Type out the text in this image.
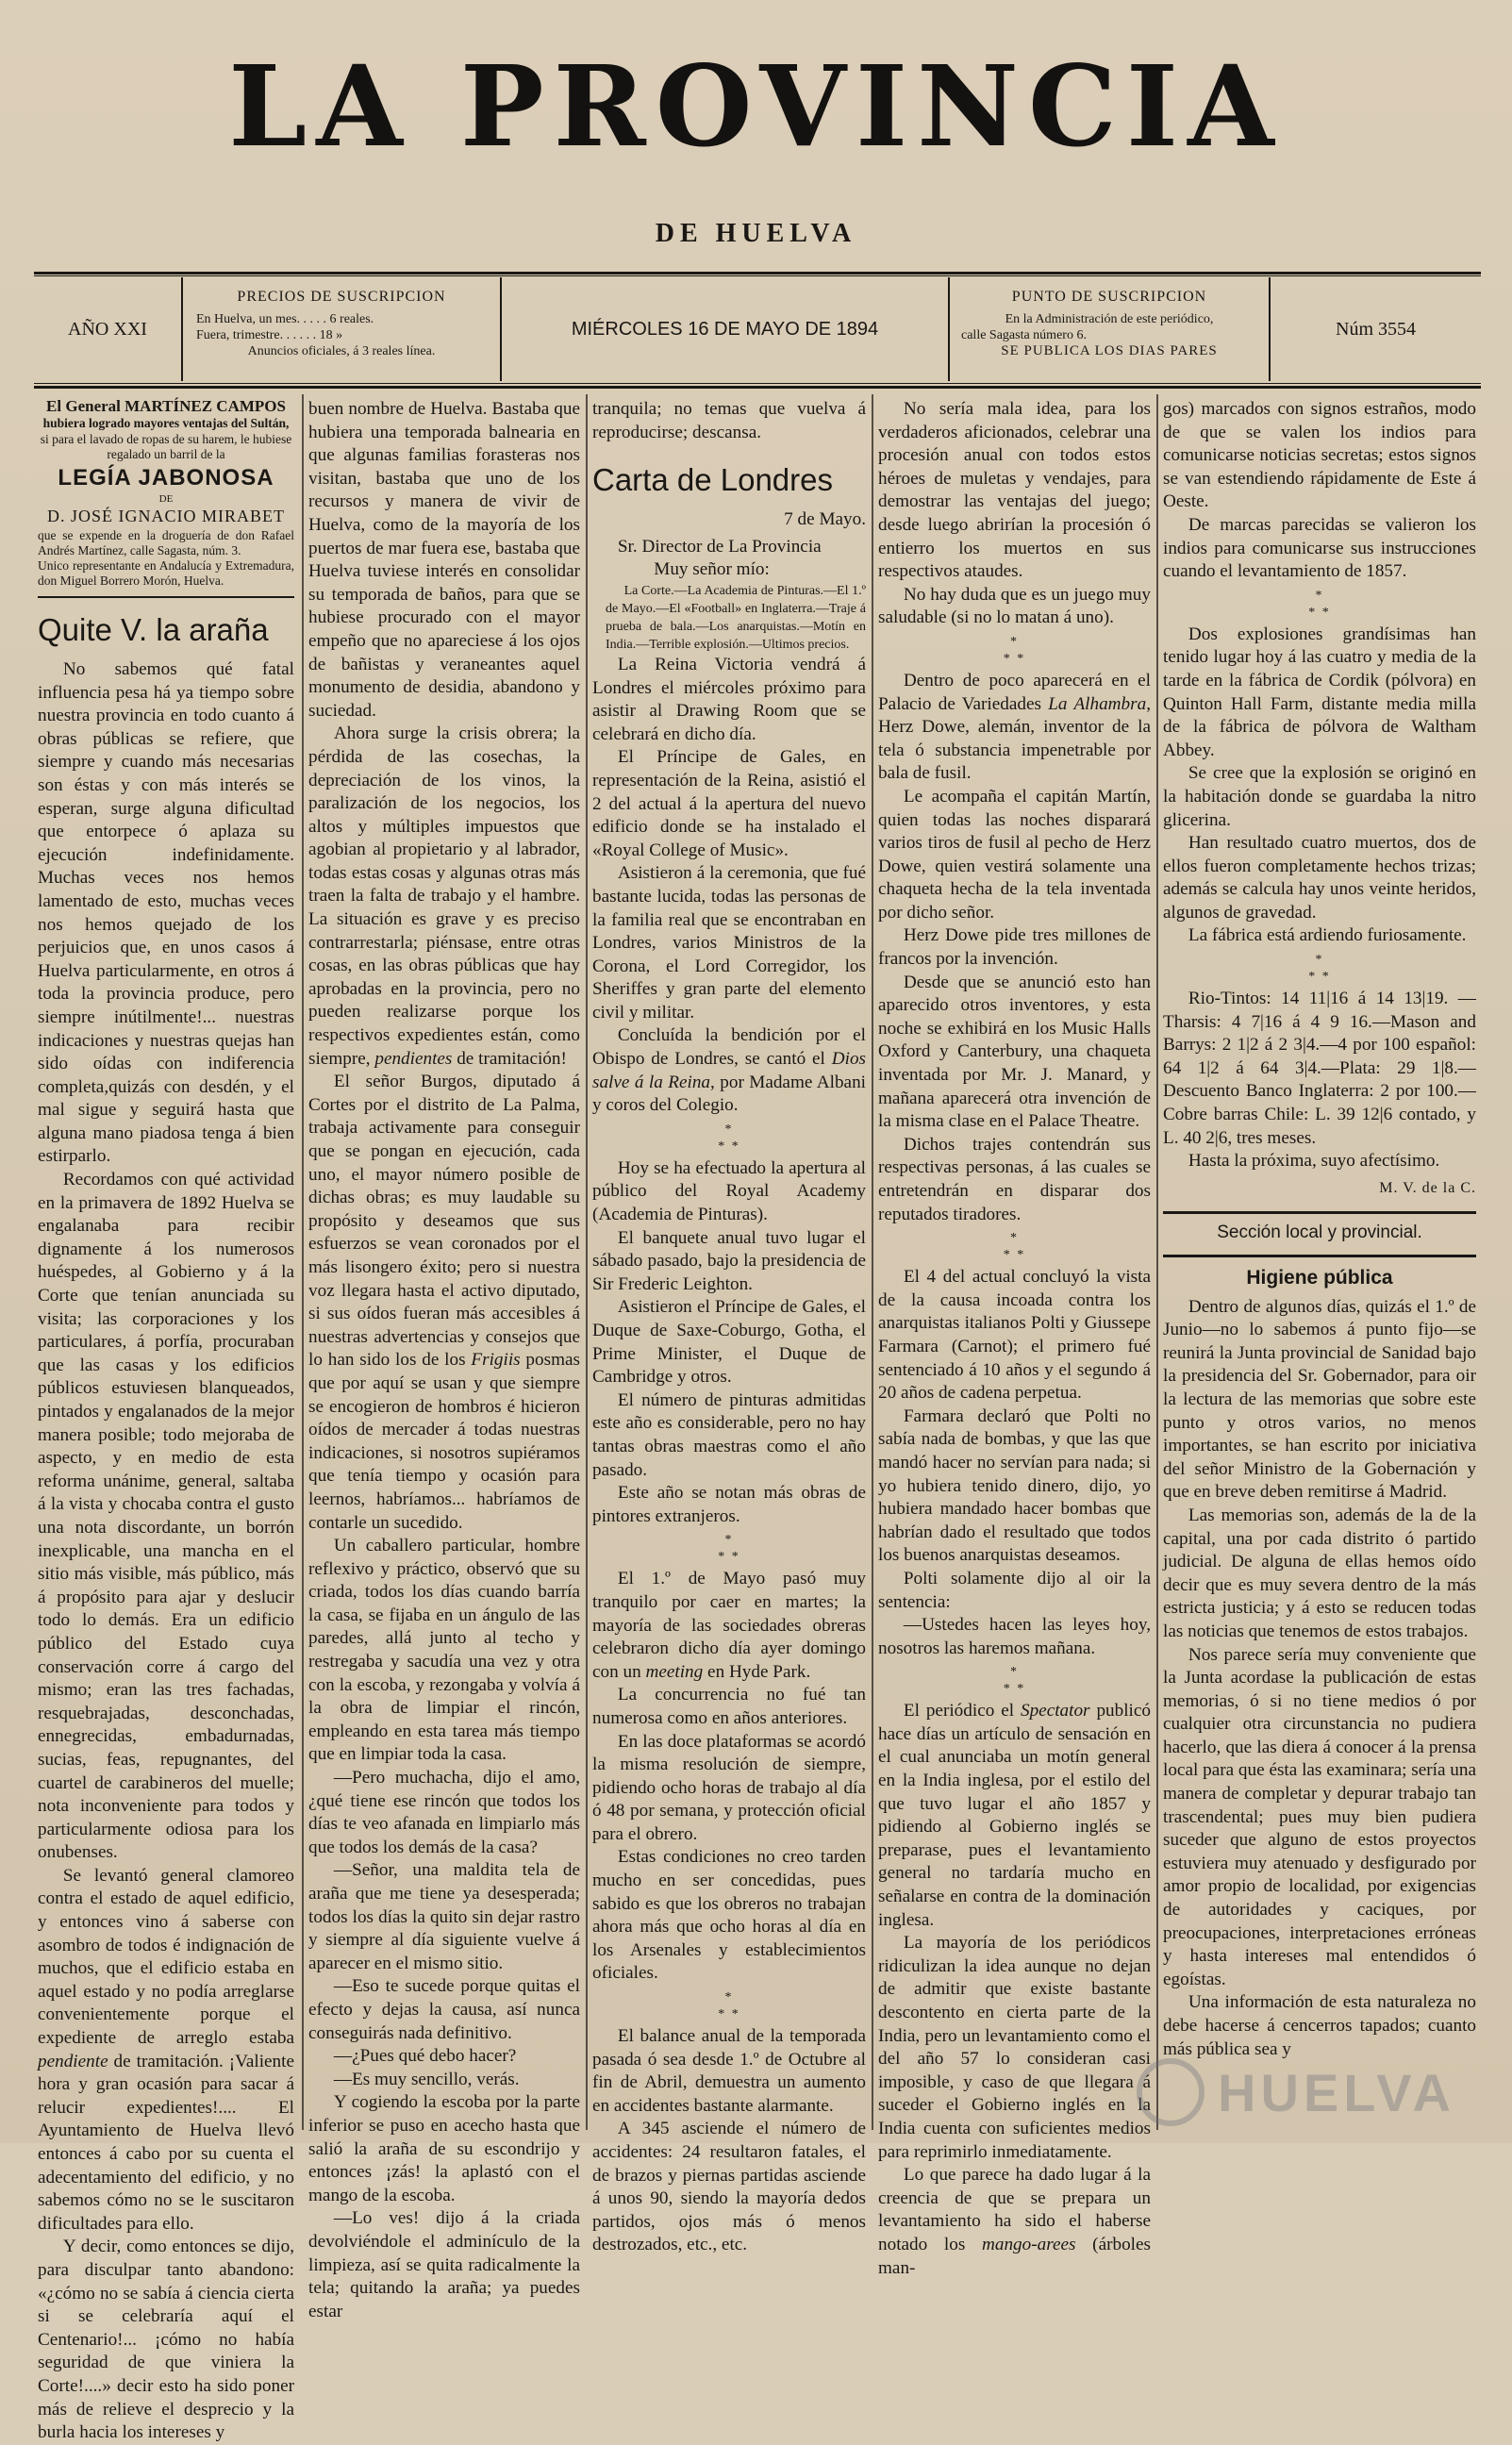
LA PROVINCIA
DE HUELVA
AÑO XXI
PRECIOS DE SUSCRIPCION
En Huelva, un mes. . . . . 6 reales.
Fuera, trimestre. . . . . . 18 »
Anuncios oficiales, á 3 reales línea.
MIÉRCOLES 16 DE MAYO DE 1894
PUNTO DE SUSCRIPCION
En la Administración de este periódico,
calle Sagasta número 6.
SE PUBLICA LOS DIAS PARES
Núm 3554
El General MARTÍNEZ CAMPOS
hubiera logrado mayores ventajas del Sultán,
si para el lavado de ropas de su harem, le hubiese regalado un barril de la
LEGÍA JABONOSA
DE
D. JOSÉ IGNACIO MIRABET
que se expende en la droguería de don Rafael Andrés Martínez, calle Sagasta, núm. 3.
Unico representante en Andalucía y Extremadura, don Miguel Borrero Morón, Huelva.
Quite V. la araña

No sabemos qué fatal influencia pesa há ya tiempo sobre nuestra provincia en todo cuanto á obras públicas se refiere, que siempre y cuando más necesarias son éstas y con más interés se esperan, surge alguna dificultad que entorpece ó aplaza su ejecución indefinidamente. Muchas veces nos hemos lamentado de esto, muchas veces nos hemos quejado de los perjuicios que, en unos casos á Huelva particularmente, en otros á toda la provincia produce, pero siempre inútilmente!... nuestras indicaciones y nuestras quejas han sido oídas con indiferencia completa,quizás con desdén, y el mal sigue y seguirá hasta que alguna mano piadosa tenga á bien estirparlo.

Recordamos con qué actividad en la primavera de 1892 Huelva se engalanaba para recibir dignamente á los numerosos huéspedes, al Gobierno y á la Corte que tenían anunciada su visita; las corporaciones y los particulares, á porfía, procuraban que las casas y los edificios públicos estuviesen blanqueados, pintados y engalanados de la mejor manera posible; todo mejoraba de aspecto, y en medio de esta reforma unánime, general, saltaba á la vista y chocaba contra el gusto una nota discordante, un borrón inexplicable, una mancha en el sitio más visible, más público, más á propósito para ajar y deslucir todo lo demás. Era un edificio público del Estado cuya conservación corre á cargo del mismo; eran las tres fachadas, resquebrajadas, desconchadas, ennegrecidas, embadurnadas, sucias, feas, repugnantes, del cuartel de carabineros del muelle; nota inconveniente para todos y particularmente odiosa para los onubenses.

Se levantó general clamoreo contra el estado de aquel edificio, y entonces vino á saberse con asombro de todos é indignación de muchos, que el edificio estaba en aquel estado y no podía arreglarse convenientemente porque el expediente de arreglo estaba pendiente de tramitación. ¡Valiente hora y gran ocasión para sacar á relucir expedientes!.... El Ayuntamiento de Huelva llevó entonces á cabo por su cuenta el adecentamiento del edificio, y no sabemos cómo no se le suscitaron dificultades para ello.

Y decir, como entonces se dijo, para disculpar tanto abandono: «¿cómo no se sabía á ciencia cierta si se celebraría aquí el Centenario!... ¡cómo no había seguridad de que viniera la Corte!....» decir esto ha sido poner más de relieve el desprecio y la burla hacia los intereses y

buen nombre de Huelva. Bastaba que hubiera una temporada balnearia en que algunas familias forasteras nos visitan, bastaba que uno de los recursos y manera de vivir de Huelva, como de la mayoría de los puertos de mar fuera ese, bastaba que Huelva tuviese interés en consolidar su temporada de baños, para que se hubiese procurado con el mayor empeño que no apareciese á los ojos de bañistas y veraneantes aquel monumento de desidia, abandono y suciedad.

Ahora surge la crisis obrera; la pérdida de las cosechas, la depreciación de los vinos, la paralización de los negocios, los altos y múltiples impuestos que agobian al propietario y al labrador, todas estas cosas y algunas otras más traen la falta de trabajo y el hambre. La situación es grave y es preciso contrarrestarla; piénsase, entre otras cosas, en las obras públicas que hay aprobadas en la provincia, pero no pueden realizarse porque los respectivos expedientes están, como siempre, pendientes de tramitación!

El señor Burgos, diputado á Cortes por el distrito de La Palma, trabaja activamente para conseguir que se pongan en ejecución, cada uno, el mayor número posible de dichas obras; es muy laudable su propósito y deseamos que sus esfuerzos se vean coronados por el más lisongero éxito; pero si nuestra voz llegara hasta el activo diputado, si sus oídos fueran más accesibles á nuestras advertencias y consejos que lo han sido los de los Frigiis posmas que por aquí se usan y que siempre se encogieron de hombros é hicieron oídos de mercader á todas nuestras indicaciones, si nosotros supiéramos que tenía tiempo y ocasión para leernos, habríamos... habríamos de contarle un sucedido.

Un caballero particular, hombre reflexivo y práctico, observó que su criada, todos los días cuando barría la casa, se fijaba en un ángulo de las paredes, allá junto al techo y restregaba y sacudía una vez y otra con la escoba, y rezongaba y volvía á la obra de limpiar el rincón, empleando en esta tarea más tiempo que en limpiar toda la casa.

—Pero muchacha, dijo el amo, ¿qué tiene ese rincón que todos los días te veo afanada en limpiarlo más que todos los demás de la casa?

—Señor, una maldita tela de araña que me tiene ya desesperada; todos los días la quito sin dejar rastro y siempre al día siguiente vuelve á aparecer en el mismo sitio.

—Eso te sucede porque quitas el efecto y dejas la causa, así nunca conseguirás nada definitivo.

—¿Pues qué debo hacer?

—Es muy sencillo, verás.

Y cogiendo la escoba por la parte inferior se puso en acecho hasta que salió la araña de su escondrijo y entonces ¡zás! la aplastó con el mango de la escoba.

—Lo ves! dijo á la criada devolviéndole el adminículo de la limpieza, así se quita radicalmente la tela; quitando la araña; ya puedes estar

tranquila; no temas que vuelva á reproducirse; descansa.

Carta de Londres
7 de Mayo.

Sr. Director de La Provincia

Muy señor mío:

La Corte.—La Academia de Pinturas.—El 1.º de Mayo.—El «Football» en Inglaterra.—Traje á prueba de bala.—Los anarquistas.—Motín en India.—Terrible explosión.—Ultimos precios.

La Reina Victoria vendrá á Londres el miércoles próximo para asistir al Drawing Room que se celebrará en dicho día.

El Príncipe de Gales, en representación de la Reina, asistió el 2 del actual á la apertura del nuevo edificio donde se ha instalado el «Royal College of Music».

Asistieron á la ceremonia, que fué bastante lucida, todas las personas de la familia real que se encontraban en Londres, varios Ministros de la Corona, el Lord Corregidor, los Sheriffes y gran parte del elemento civil y militar.

Concluída la bendición por el Obispo de Londres, se cantó el Dios salve á la Reina, por Madame Albani y coros del Colegio.

*
* *

Hoy se ha efectuado la apertura al público del Royal Academy (Academia de Pinturas).

El banquete anual tuvo lugar el sábado pasado, bajo la presidencia de Sir Frederic Leighton.

Asistieron el Príncipe de Gales, el Duque de Saxe-Coburgo, Gotha, el Prime Minister, el Duque de Cambridge y otros.

El número de pinturas admitidas este año es considerable, pero no hay tantas obras maestras como el año pasado.

Este año se notan más obras de pintores extranjeros.

*
* *

El 1.º de Mayo pasó muy tranquilo por caer en martes; la mayoría de las sociedades obreras celebraron dicho día ayer domingo con un meeting en Hyde Park.

La concurrencia no fué tan numerosa como en años anteriores.

En las doce plataformas se acordó la misma resolución de siempre, pidiendo ocho horas de trabajo al día ó 48 por semana, y protección oficial para el obrero.

Estas condiciones no creo tarden mucho en ser concedidas, pues sabido es que los obreros no trabajan ahora más que ocho horas al día en los Arsenales y establecimientos oficiales.

*
* *

El balance anual de la temporada pasada ó sea desde 1.º de Octubre al fin de Abril, demuestra un aumento en accidentes bastante alarmante.

A 345 asciende el número de accidentes: 24 resultaron fatales, el de brazos y piernas partidas asciende á unos 90, siendo la mayoría dedos partidos, ojos más ó menos destrozados, etc., etc.

No sería mala idea, para los verdaderos aficionados, celebrar una procesión anual con todos estos héroes de muletas y vendajes, para demostrar las ventajas del juego; desde luego abrirían la procesión ó entierro los muertos en sus respectivos ataudes.

No hay duda que es un juego muy saludable (si no lo matan á uno).

*
* *

Dentro de poco aparecerá en el Palacio de Variedades La Alhambra, Herz Dowe, alemán, inventor de la tela ó substancia impenetrable por bala de fusil.

Le acompaña el capitán Martín, quien todas las noches disparará varios tiros de fusil al pecho de Herz Dowe, quien vestirá solamente una chaqueta hecha de la tela inventada por dicho señor.

Herz Dowe pide tres millones de francos por la invención.

Desde que se anunció esto han aparecido otros inventores, y esta noche se exhibirá en los Music Halls Oxford y Canterbury, una chaqueta inventada por Mr. J. Manard, y mañana aparecerá otra invención de la misma clase en el Palace Theatre.

Dichos trajes contendrán sus respectivas personas, á las cuales se entretendrán en disparar dos reputados tiradores.

*
* *

El 4 del actual concluyó la vista de la causa incoada contra los anarquistas italianos Polti y Giussepe Farmara (Carnot); el primero fué sentenciado á 10 años y el segundo á 20 años de cadena perpetua.

Farmara declaró que Polti no sabía nada de bombas, y que las que mandó hacer no servían para nada; si yo hubiera tenido dinero, dijo, yo hubiera mandado hacer bombas que habrían dado el resultado que todos los buenos anarquistas deseamos.

Polti solamente dijo al oir la sentencia:

—Ustedes hacen las leyes hoy, nosotros las haremos mañana.

*
* *

El periódico el Spectator publicó hace días un artículo de sensación en el cual anunciaba un motín general en la India inglesa, por el estilo del que tuvo lugar el año 1857 y pidiendo al Gobierno inglés se preparase, pues el levantamiento general no tardaría mucho en señalarse en contra de la dominación inglesa.

La mayoría de los periódicos ridiculizan la idea aunque no dejan de admitir que existe bastante descontento en cierta parte de la India, pero un levantamiento como el del año 57 lo consideran casi imposible, y caso de que llegara á suceder el Gobierno inglés en la India cuenta con suficientes medios para reprimirlo inmediatamente.

Lo que parece ha dado lugar á la creencia de que se prepara un levantamiento ha sido el haberse notado los mango-arees (árboles man-

gos) marcados con signos estraños, modo de que se valen los indios para comunicarse noticias secretas; estos signos se van estendiendo rápidamente de Este á Oeste.

De marcas parecidas se valieron los indios para comunicarse sus instrucciones cuando el levantamiento de 1857.

*
* *

Dos explosiones grandísimas han tenido lugar hoy á las cuatro y media de la tarde en la fábrica de Cordik (pólvora) en Quinton Hall Farm, distante media milla de la fábrica de pólvora de Waltham Abbey.

Se cree que la explosión se originó en la habitación donde se guardaba la nitro glicerina.

Han resultado cuatro muertos, dos de ellos fueron completamente hechos trizas; además se calcula hay unos veinte heridos, algunos de gravedad.

La fábrica está ardiendo furiosamente.

*
* *

Rio-Tintos: 14 11|16 á 14 13|19. —Tharsis: 4 7|16 á 4 9 16.—Mason and Barrys: 2 1|2 á 2 3|4.—4 por 100 español: 64 1|2 á 64 3|4.—Plata: 29 1|8.—Descuento Banco Inglaterra: 2 por 100.—Cobre barras Chile: L. 39 12|6 contado, y L. 40 2|6, tres meses.

Hasta la próxima, suyo afectísimo.

M. V. de la C.
Sección local y provincial.
Higiene pública

Dentro de algunos días, quizás el 1.º de Junio—no lo sabemos á punto fijo—se reunirá la Junta provincial de Sanidad bajo la presidencia del Sr. Gobernador, para oir la lectura de las memorias que sobre este punto y otros varios, no menos importantes, se han escrito por iniciativa del señor Ministro de la Gobernación y que en breve deben remitirse á Madrid.

Las memorias son, además de la de la capital, una por cada distrito ó partido judicial. De alguna de ellas hemos oído decir que es muy severa dentro de la más estricta justicia; y á esto se reducen todas las noticias que tenemos de estos trabajos.

Nos parece sería muy conveniente que la Junta acordase la publicación de estas memorias, ó si no tiene medios ó por cualquier otra circunstancia no pudiera hacerlo, que las diera á conocer á la prensa local para que ésta las examinara; sería una manera de completar y depurar trabajo tan trascendental; pues muy bien pudiera suceder que alguno de estos proyectos estuviera muy atenuado y desfigurado por amor propio de localidad, por exigencias de autoridades y caciques, por preocupaciones, interpretaciones erróneas y hasta intereses mal entendidos ó egoístas.

Una información de esta naturaleza no debe hacerse á cencerros tapados; cuanto más pública sea y

HUELVA
